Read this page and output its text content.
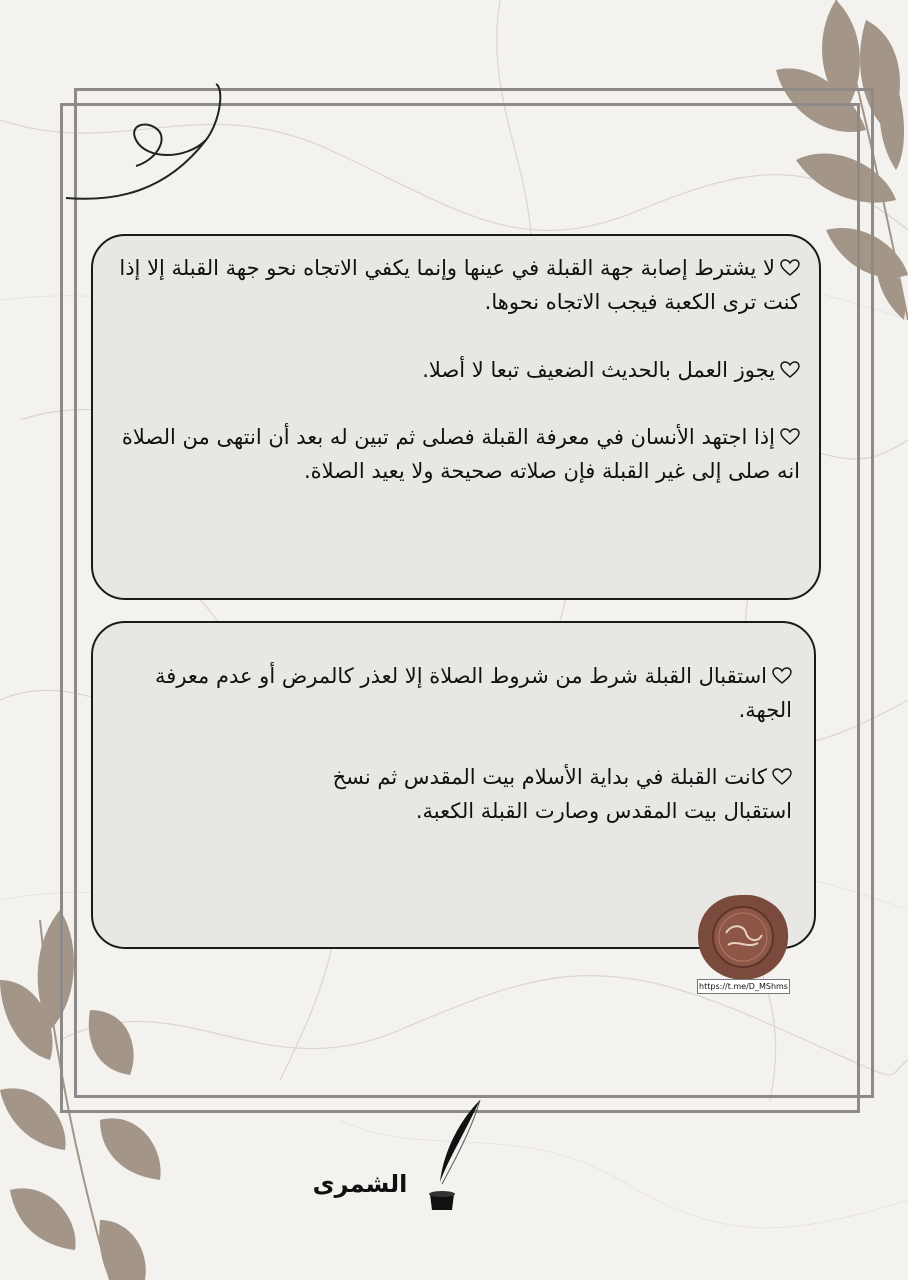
لا يشترط إصابة جهة القبلة في عينها وإنما يكفي الاتجاه نحو جهة القبلة إلا إذا كنت ترى الكعبة فيجب الاتجاه نحوها.

يجوز العمل بالحديث الضعيف تبعا لا أصلا.

إذا اجتهد الأنسان في معرفة القبلة فصلى ثم تبين له بعد أن انتهى من الصلاة انه صلى إلى غير القبلة فإن صلاته صحيحة ولا يعيد الصلاة.

استقبال القبلة شرط من شروط الصلاة إلا لعذر كالمرض أو عدم معرفة الجهة.

كانت القبلة في بداية الأسلام بيت المقدس ثم نسخ استقبال بيت المقدس وصارت القبلة الكعبة.

https://t.me/D_MShms
الشمرى
